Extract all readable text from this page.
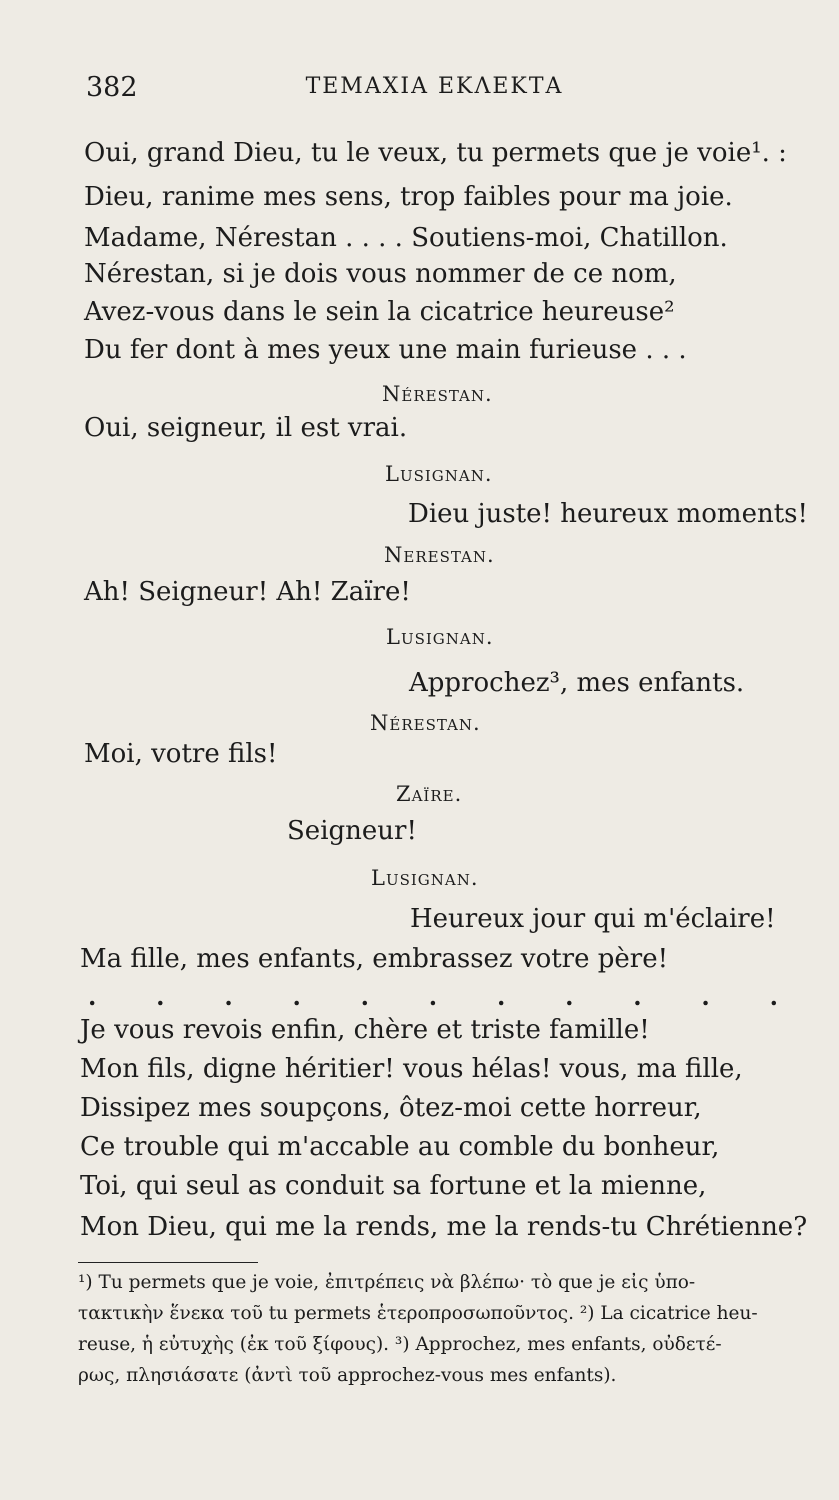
382	ΤΕΜΑΧΙΑ ΕΚΛΕΚΤΑ
Oui, grand Dieu, tu le veux, tu permets que je voie¹. :
Dieu, ranime mes sens, trop faibles pour ma joie.
Madame, Nérestan . . . . Soutiens-moi, Chatillon.
Nérestan, si je dois vous nommer de ce nom,
Avez-vous dans le sein la cicatrice heureuse²
Du fer dont à mes yeux une main furieuse . . .
Nérestan.
Oui, seigneur, il est vrai.
Lusignan.
Dieu juste! heureux moments!
Nerestan.
Ah! Seigneur! Ah! Zaïre!
Lusignan.
Approchez³, mes enfants.
Nérestan.
Moi, votre fils!
Zaïre.
Seigneur!
Lusignan.
Heureux jour qui m'éclaire!
Ma fille, mes enfants, embrassez votre père!
. . . . . . . . . . .
Je vous revois enfin, chère et triste famille!
Mon fils, digne héritier! vous hélas! vous, ma fille,
Dissipez mes soupçons, ôtez-moi cette horreur,
Ce trouble qui m'accable au comble du bonheur,
Toi, qui seul as conduit sa fortune et la mienne,
Mon Dieu, qui me la rends, me la rends-tu Chrétienne?
¹) Tu permets que je voie, ἐπιτρέπεις νὰ βλέπω· τὸ que je εἰς ὑπο-
τακτικὴν ἕνεκα τοῦ tu permets ἑτεροπροσωποῦντος. ²) La cicatrice heu-
reuse, ἡ εὐτυχὴς (ἐκ τοῦ ξίφους). ³) Approchez, mes enfants, οὐδετέ-
ρως, πλησιάσατε (ἀντὶ τοῦ approchez-vous mes enfants).
